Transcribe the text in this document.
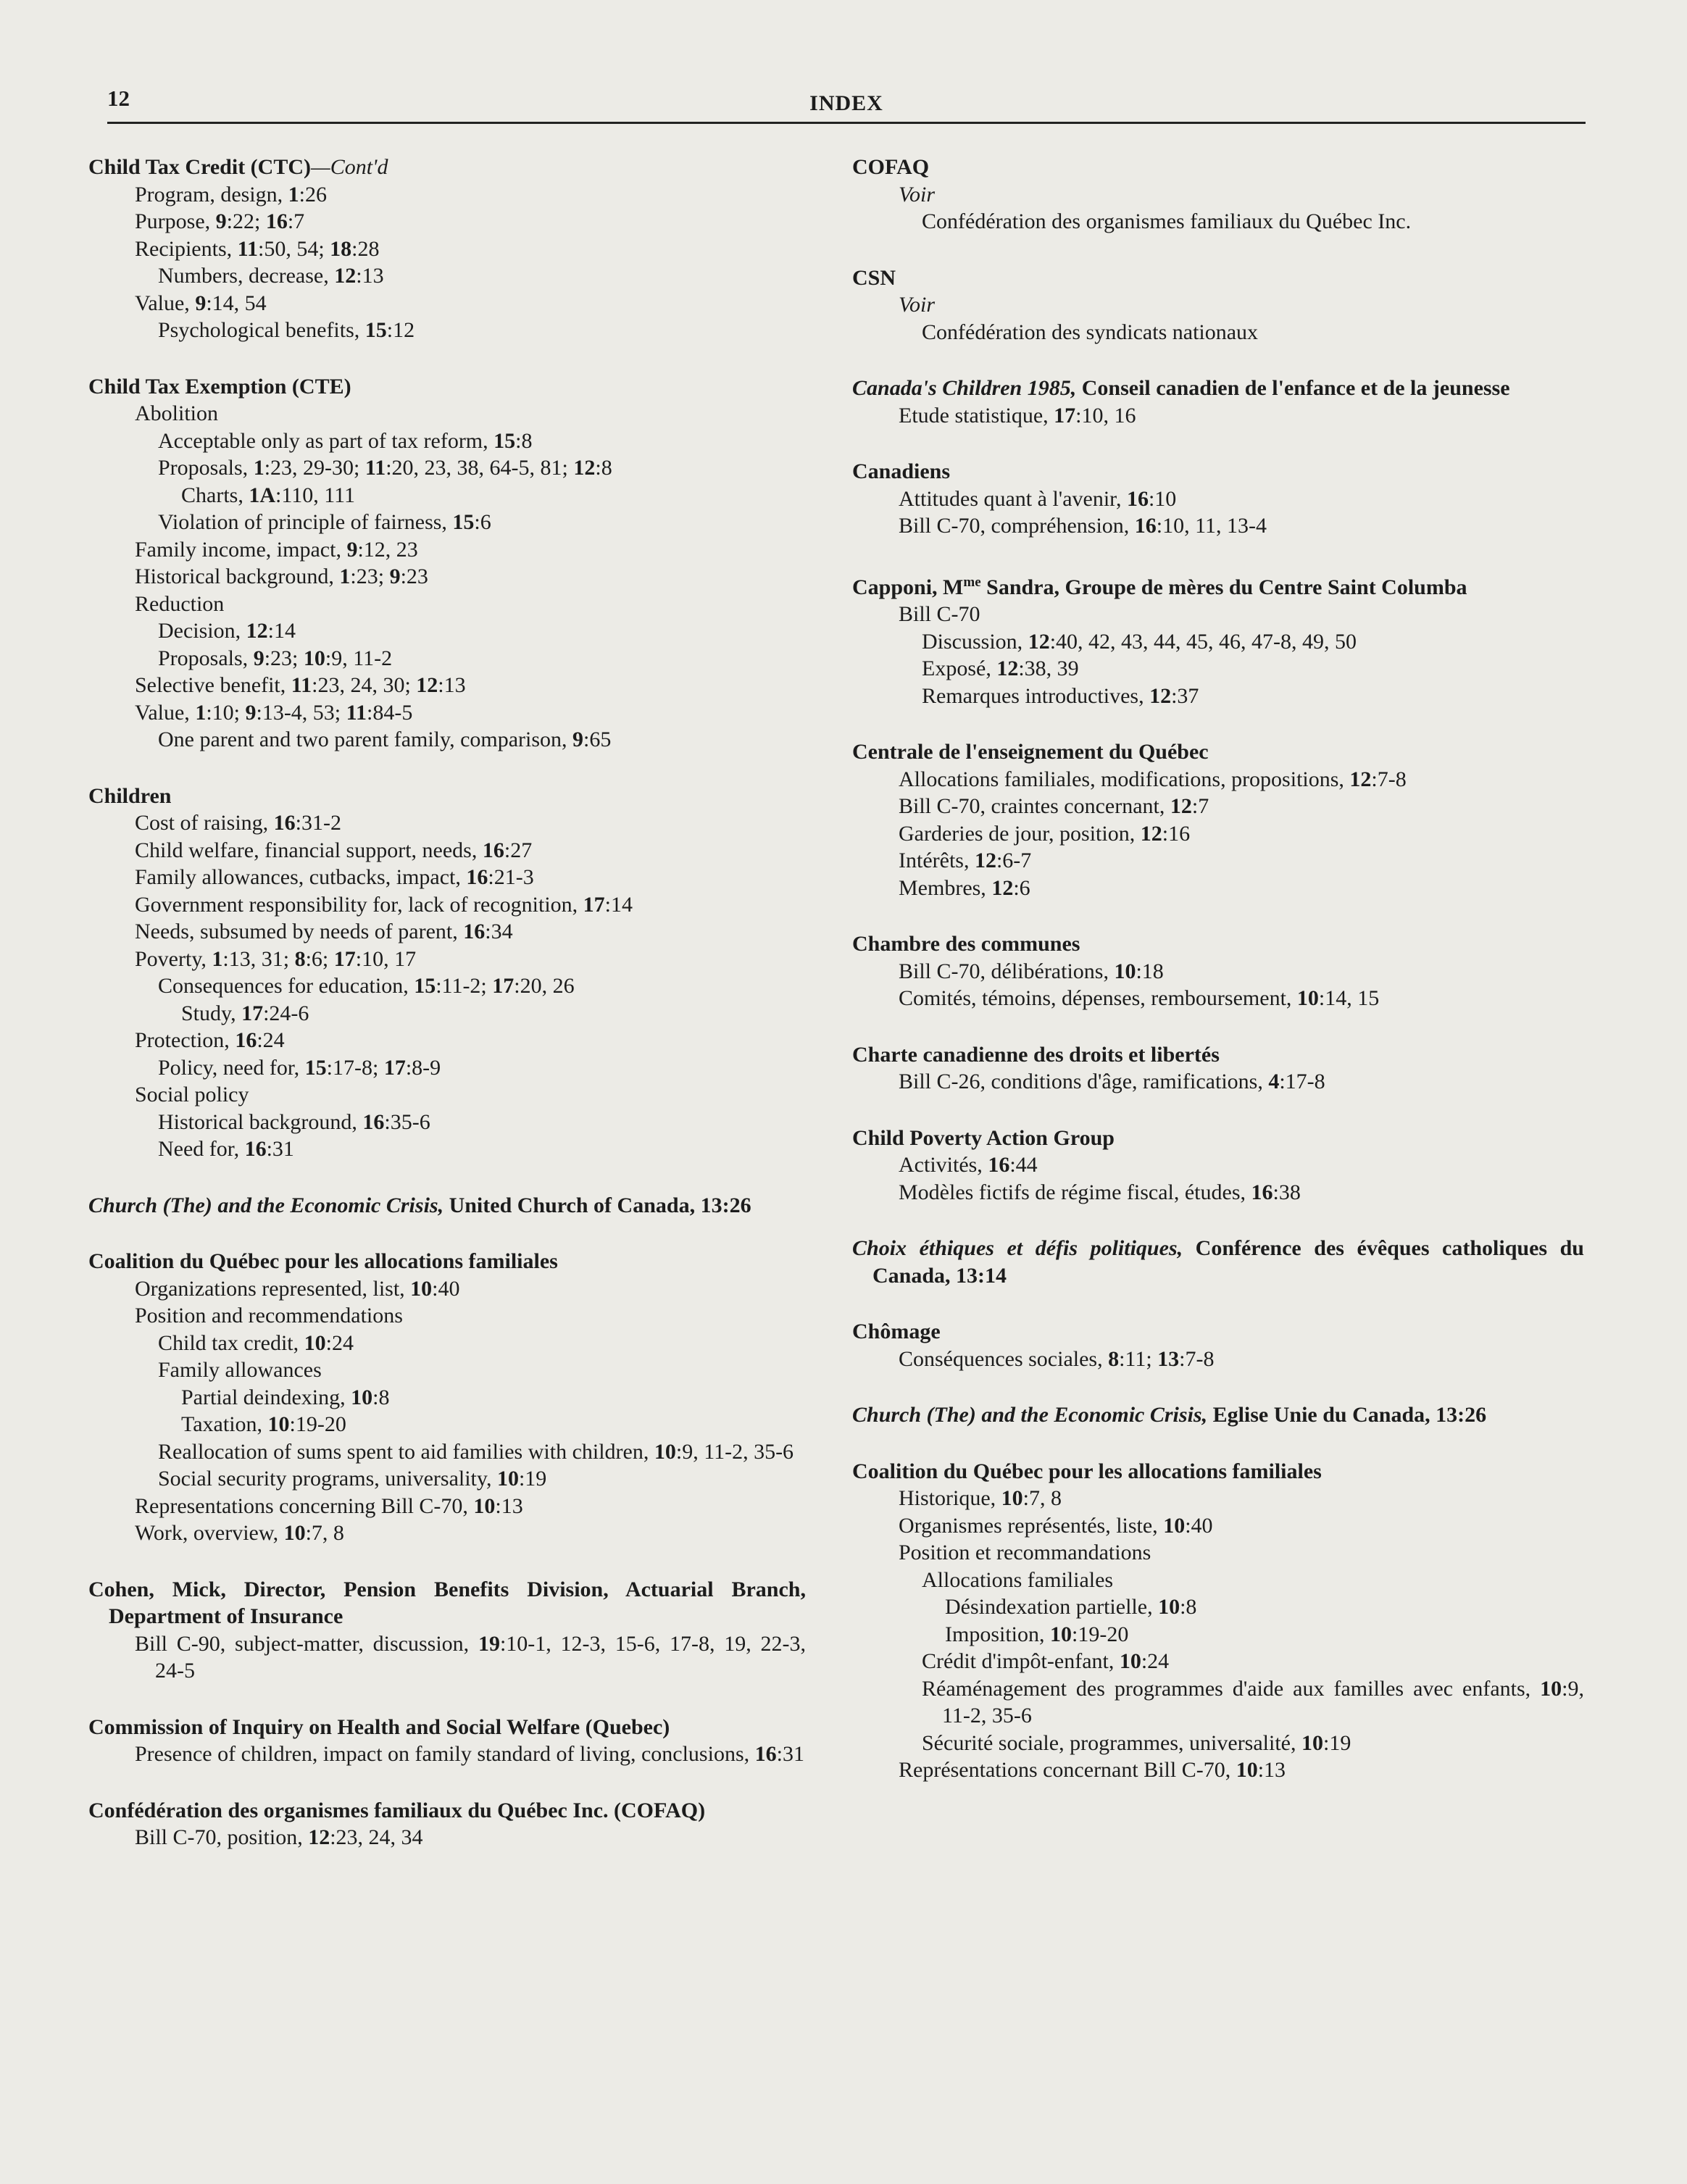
12	INDEX
Child Tax Credit (CTC)—Cont'd
Program, design, 1:26
Purpose, 9:22; 16:7
Recipients, 11:50, 54; 18:28
Numbers, decrease, 12:13
Value, 9:14, 54
Psychological benefits, 15:12
Child Tax Exemption (CTE)
Abolition
Acceptable only as part of tax reform, 15:8
Proposals, 1:23, 29-30; 11:20, 23, 38, 64-5, 81; 12:8
Charts, 1A:110, 111
Violation of principle of fairness, 15:6
Family income, impact, 9:12, 23
Historical background, 1:23; 9:23
Reduction
Decision, 12:14
Proposals, 9:23; 10:9, 11-2
Selective benefit, 11:23, 24, 30; 12:13
Value, 1:10; 9:13-4, 53; 11:84-5
One parent and two parent family, comparison, 9:65
Children
Cost of raising, 16:31-2
Child welfare, financial support, needs, 16:27
Family allowances, cutbacks, impact, 16:21-3
Government responsibility for, lack of recognition, 17:14
Needs, subsumed by needs of parent, 16:34
Poverty, 1:13, 31; 8:6; 17:10, 17
Consequences for education, 15:11-2; 17:20, 26
Study, 17:24-6
Protection, 16:24
Policy, need for, 15:17-8; 17:8-9
Social policy
Historical background, 16:35-6
Need for, 16:31
Church (The) and the Economic Crisis, United Church of Canada, 13:26
Coalition du Québec pour les allocations familiales
Organizations represented, list, 10:40
Position and recommendations
Child tax credit, 10:24
Family allowances
Partial deindexing, 10:8
Taxation, 10:19-20
Reallocation of sums spent to aid families with children, 10:9, 11-2, 35-6
Social security programs, universality, 10:19
Representations concerning Bill C-70, 10:13
Work, overview, 10:7, 8
Cohen, Mick, Director, Pension Benefits Division, Actuarial Branch, Department of Insurance
Bill C-90, subject-matter, discussion, 19:10-1, 12-3, 15-6, 17-8, 19, 22-3, 24-5
Commission of Inquiry on Health and Social Welfare (Quebec)
Presence of children, impact on family standard of living, conclusions, 16:31
Confédération des organismes familiaux du Québec Inc. (COFAQ)
Bill C-70, position, 12:23, 24, 34
COFAQ
Voir
Confédération des organismes familiaux du Québec Inc.
CSN
Voir
Confédération des syndicats nationaux
Canada's Children 1985, Conseil canadien de l'enfance et de la jeunesse
Etude statistique, 17:10, 16
Canadiens
Attitudes quant à l'avenir, 16:10
Bill C-70, compréhension, 16:10, 11, 13-4
Capponi, $M^{me}$ Sandra, Groupe de mères du Centre Saint Columba
Bill C-70
Discussion, 12:40, 42, 43, 44, 45, 46, 47-8, 49, 50
Exposé, 12:38, 39
Remarques introductives, 12:37
Centrale de l'enseignement du Québec
Allocations familiales, modifications, propositions, 12:7-8
Bill C-70, craintes concernant, 12:7
Garderies de jour, position, 12:16
Intérêts, 12:6-7
Membres, 12:6
Chambre des communes
Bill C-70, délibérations, 10:18
Comités, témoins, dépenses, remboursement, 10:14, 15
Charte canadienne des droits et libertés
Bill C-26, conditions d'âge, ramifications, 4:17-8
Child Poverty Action Group
Activités, 16:44
Modèles fictifs de régime fiscal, études, 16:38
Choix éthiques et défis politiques, Conférence des évêques catholiques du Canada, 13:14
Chômage
Conséquences sociales, 8:11; 13:7-8
Church (The) and the Economic Crisis, Eglise Unie du Canada, 13:26
Coalition du Québec pour les allocations familiales
Historique, 10:7, 8
Organismes représentés, liste, 10:40
Position et recommandations
Allocations familiales
Désindexation partielle, 10:8
Imposition, 10:19-20
Crédit d'impôt-enfant, 10:24
Réaménagement des programmes d'aide aux familles avec enfants, 10:9, 11-2, 35-6
Sécurité sociale, programmes, universalité, 10:19
Représentations concernant Bill C-70, 10:13
